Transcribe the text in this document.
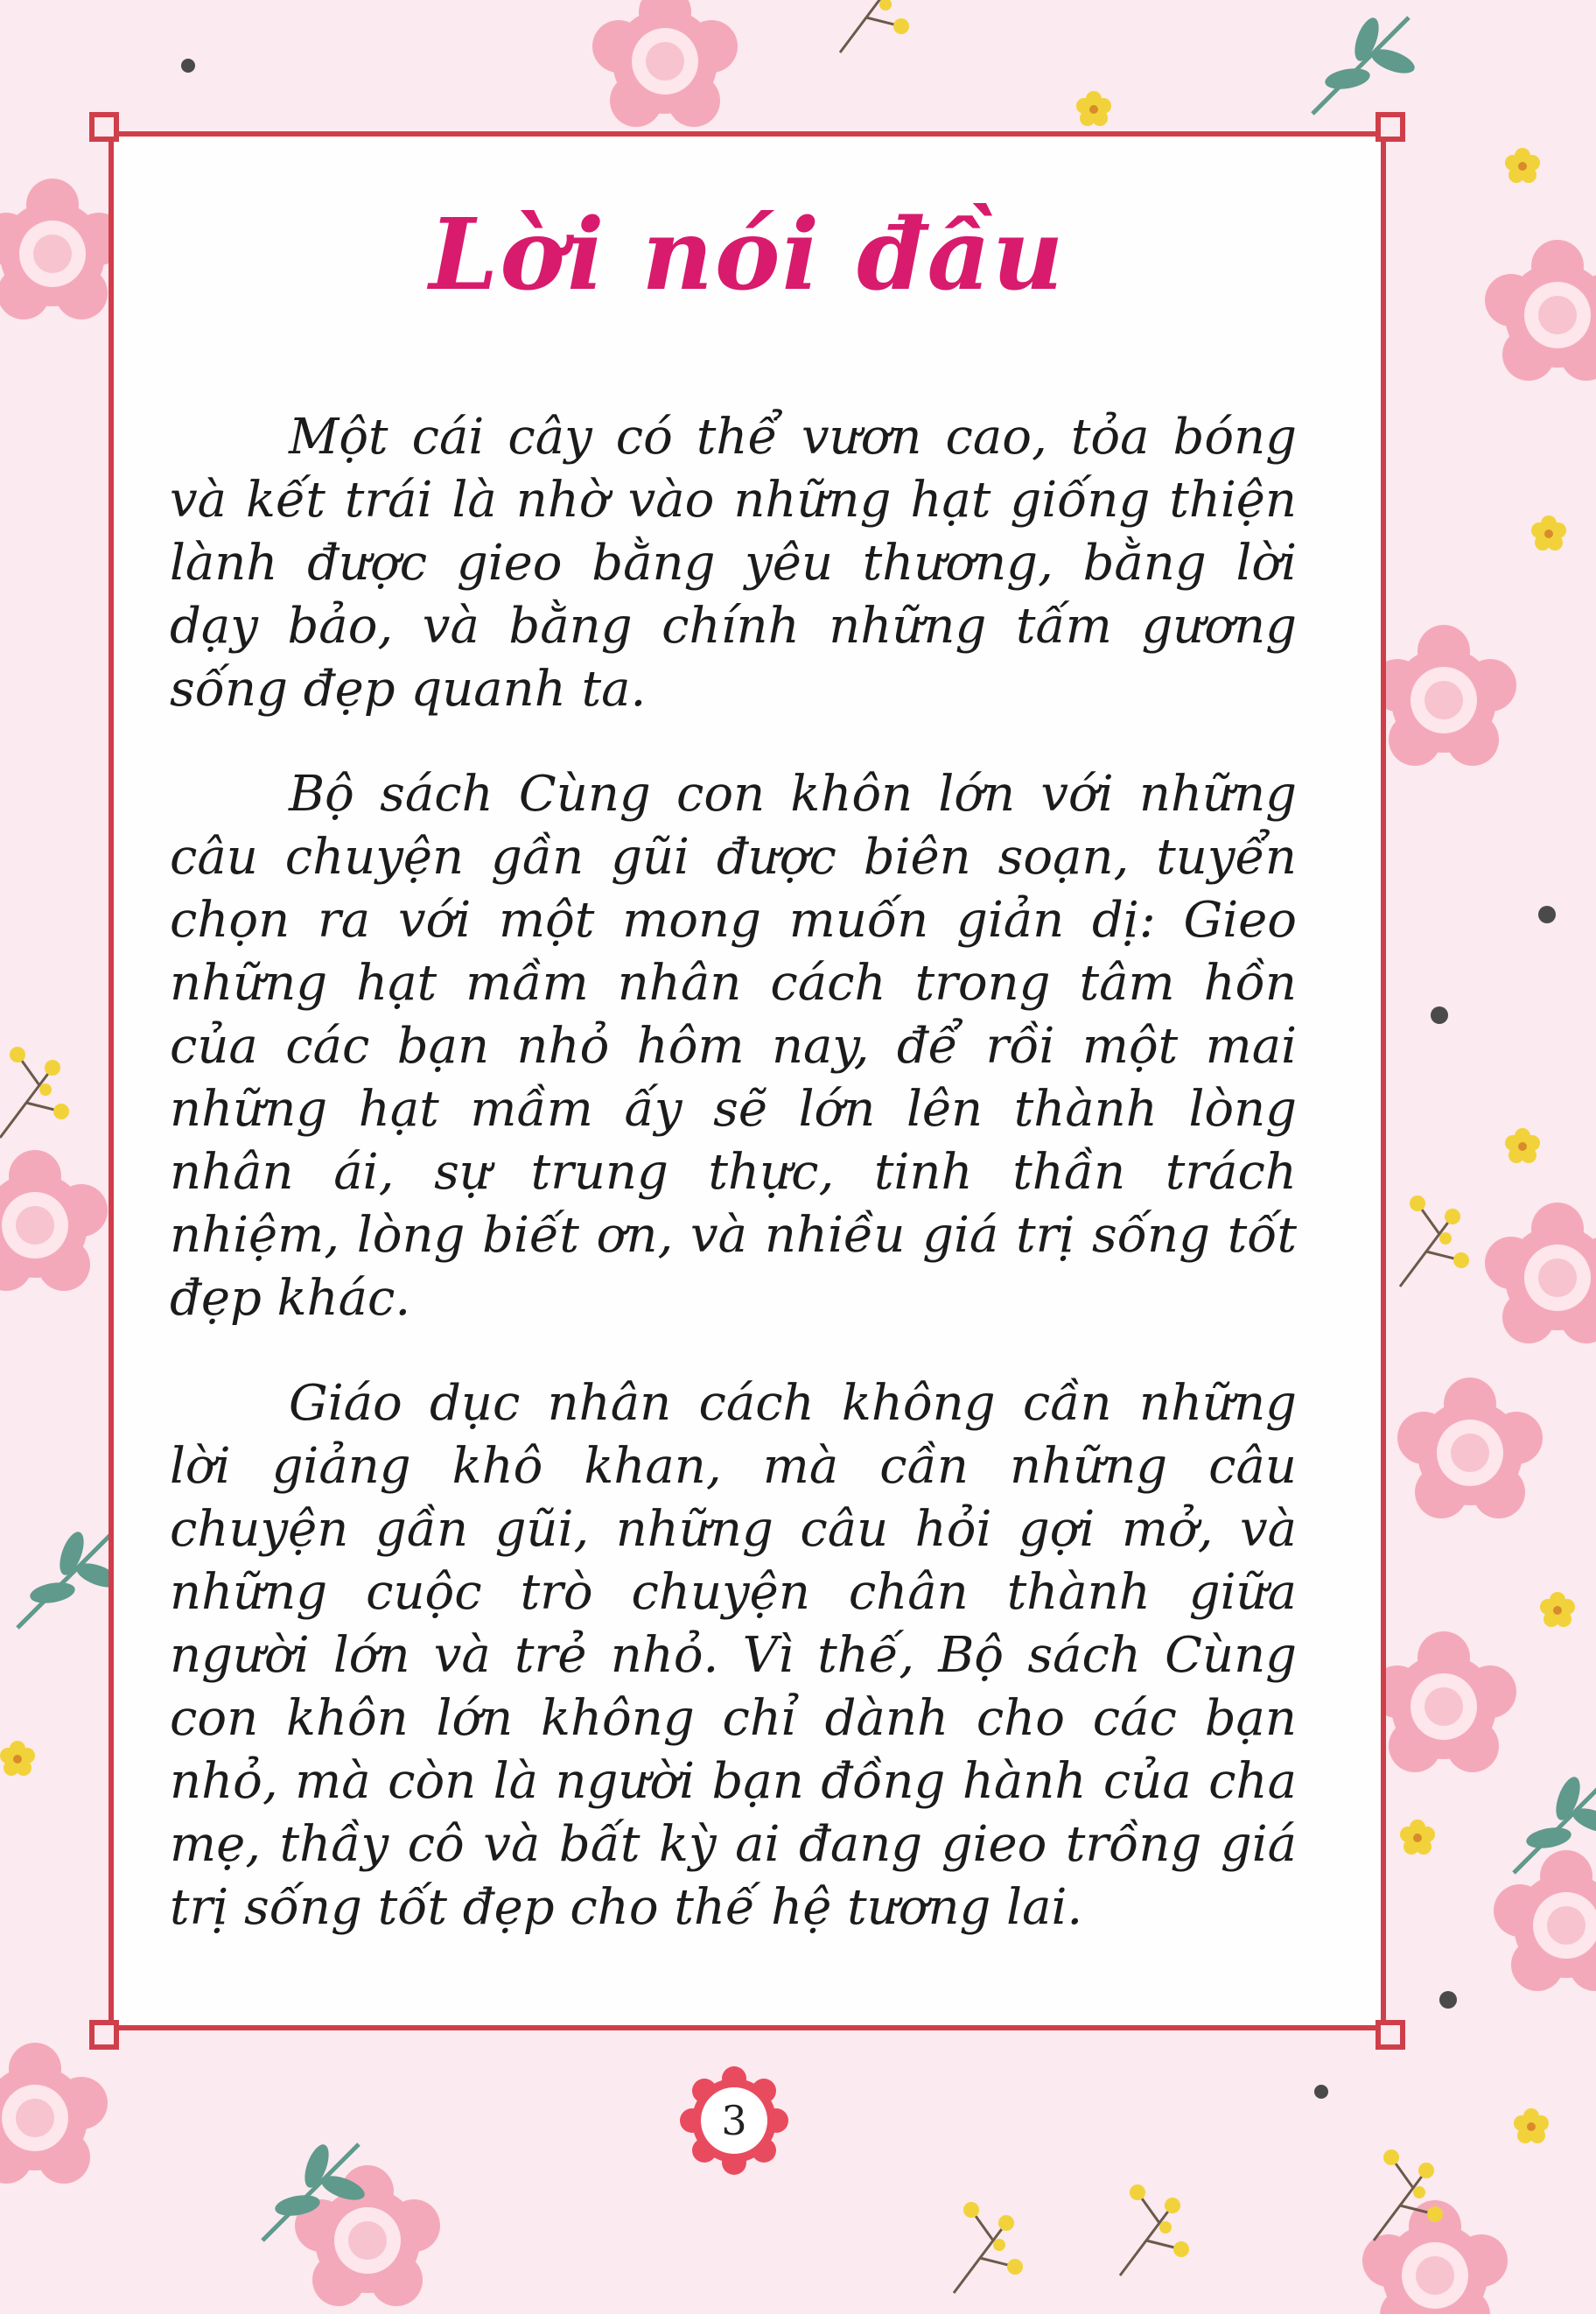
Lời nói đầu

Một cái cây có thể vươn cao, tỏa bóng và kết trái là nhờ vào những hạt giống thiện lành được gieo bằng yêu thương, bằng lời dạy bảo, và bằng chính những tấm gương sống đẹp quanh ta.

Bộ sách Cùng con khôn lớn với những câu chuyện gần gũi được biên soạn, tuyển chọn ra với một mong muốn giản dị: Gieo những hạt mầm nhân cách trong tâm hồn của các bạn nhỏ hôm nay, để rồi một mai những hạt mầm ấy sẽ lớn lên thành lòng nhân ái, sự trung thực, tinh thần trách nhiệm, lòng biết ơn, và nhiều giá trị sống tốt đẹp khác.

Giáo dục nhân cách không cần những lời giảng khô khan, mà cần những câu chuyện gần gũi, những câu hỏi gợi mở, và những cuộc trò chuyện chân thành giữa người lớn và trẻ nhỏ. Vì thế, Bộ sách Cùng con khôn lớn không chỉ dành cho các bạn nhỏ, mà còn là người bạn đồng hành của cha mẹ, thầy cô và bất kỳ ai đang gieo trồng giá trị sống tốt đẹp cho thế hệ tương lai.

3
